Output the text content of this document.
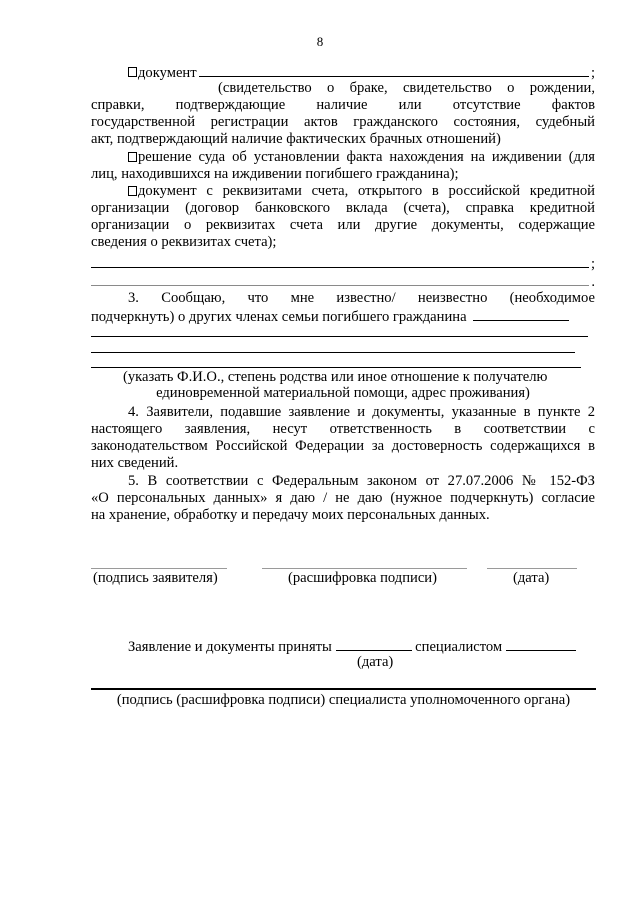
8
документ	;
(свидетельство о браке, свидетельство о рождении,
справки, подтверждающие наличие или отсутствие фактов
государственной регистрации актов гражданского состояния, судебный
акт, подтверждающий наличие фактических брачных отношений)
решение суда об установлении факта нахождения на иждивении (для
лиц, находившихся на иждивении погибшего гражданина);
документ с реквизитами счета, открытого в российской кредитной
организации (договор банковского вклада (счета), справка кредитной
организации о реквизитах счета или другие документы, содержащие
сведения о реквизитах счета);
;
.
3. Сообщаю, что мне известно/ неизвестно (необходимое
подчеркнуть) о других членах семьи погибшего гражданина
(указать Ф.И.О., степень родства или иное отношение к получателю
единовременной материальной помощи, адрес проживания)
4. Заявители, подавшие заявление и документы, указанные в пункте 2
настоящего заявления, несут ответственность в соответствии с
законодательством Российской Федерации за достоверность содержащихся в
них сведений.
5. В соответствии с Федеральным законом от 27.07.2006 № 152-ФЗ
«О персональных данных» я даю / не даю (нужное подчеркнуть) согласие
на хранение, обработку и передачу моих персональных данных.
(подпись заявителя)	(расшифровка подписи)	(дата)
Заявление и документы приняты	специалистом
(дата)
(подпись (расшифровка подписи) специалиста уполномоченного органа)
